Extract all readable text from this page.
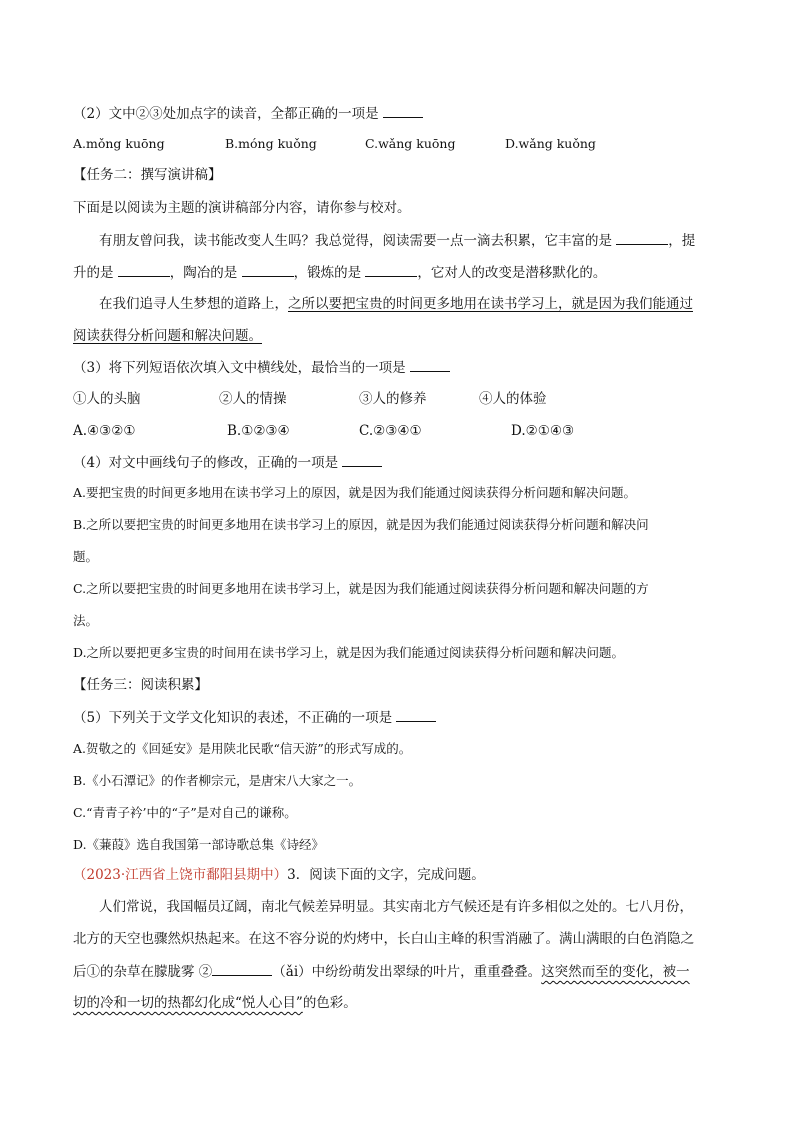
（2）文中②③处加点字的读音，全都正确的一项是
A.mǒng kuōng	B.móng kuǒng	C.wǎng kuōng	D.wǎng kuǒng
【任务二：撰写演讲稿】
下面是以阅读为主题的演讲稿部分内容，请你参与校对。
有朋友曾问我，读书能改变人生吗？我总觉得，阅读需要一点一滴去积累，它丰富的是	，提
升的是	，陶冶的是	，锻炼的是	，它对人的改变是潜移默化的。
在我们追寻人生梦想的道路上，之所以要把宝贵的时间更多地用在读书学习上，就是因为我们能通过
阅读获得分析问题和解决问题。
（3）将下列短语依次填入文中横线处，最恰当的一项是
①人的头脑	②人的情操	③人的修养	④人的体验
A.④③②①	B.①②③④	C.②③④①	D.②①④③
（4）对文中画线句子的修改，正确的一项是
A.要把宝贵的时间更多地用在读书学习上的原因，就是因为我们能通过阅读获得分析问题和解决问题。
B.之所以要把宝贵的时间更多地用在读书学习上的原因，就是因为我们能通过阅读获得分析问题和解决问
题。
C.之所以要把宝贵的时间更多地用在读书学习上，就是因为我们能通过阅读获得分析问题和解决问题的方
法。
D.之所以要把更多宝贵的时间用在读书学习上，就是因为我们能通过阅读获得分析问题和解决问题。
【任务三：阅读积累】
（5）下列关于文学文化知识的表述，不正确的一项是
A.贺敬之的《回延安》是用陕北民歌“信天游”的形式写成的。
B.《小石潭记》的作者柳宗元，是唐宋八大家之一。
C.“青青子衿’中的“子”是对自己的谦称。
D.《蒹葭》选自我国第一部诗歌总集《诗经》
（2023·江西省上饶市鄱阳县期中）3．阅读下面的文字，完成问题。
人们常说，我国幅员辽阔，南北气候差异明显。其实南北方气候还是有许多相似之处的。七八月份，
北方的天空也骤然炽热起来。在这不容分说的灼烤中，长白山主峰的积雪消融了。满山满眼的白色消隐之
后①的杂草在朦胧雾 ②	（ǎi）中纷纷萌发出翠绿的叶片，重重叠叠。这突然而至的变化，被一
切的冷和一切的热都幻化成“悦人心目”的色彩。
